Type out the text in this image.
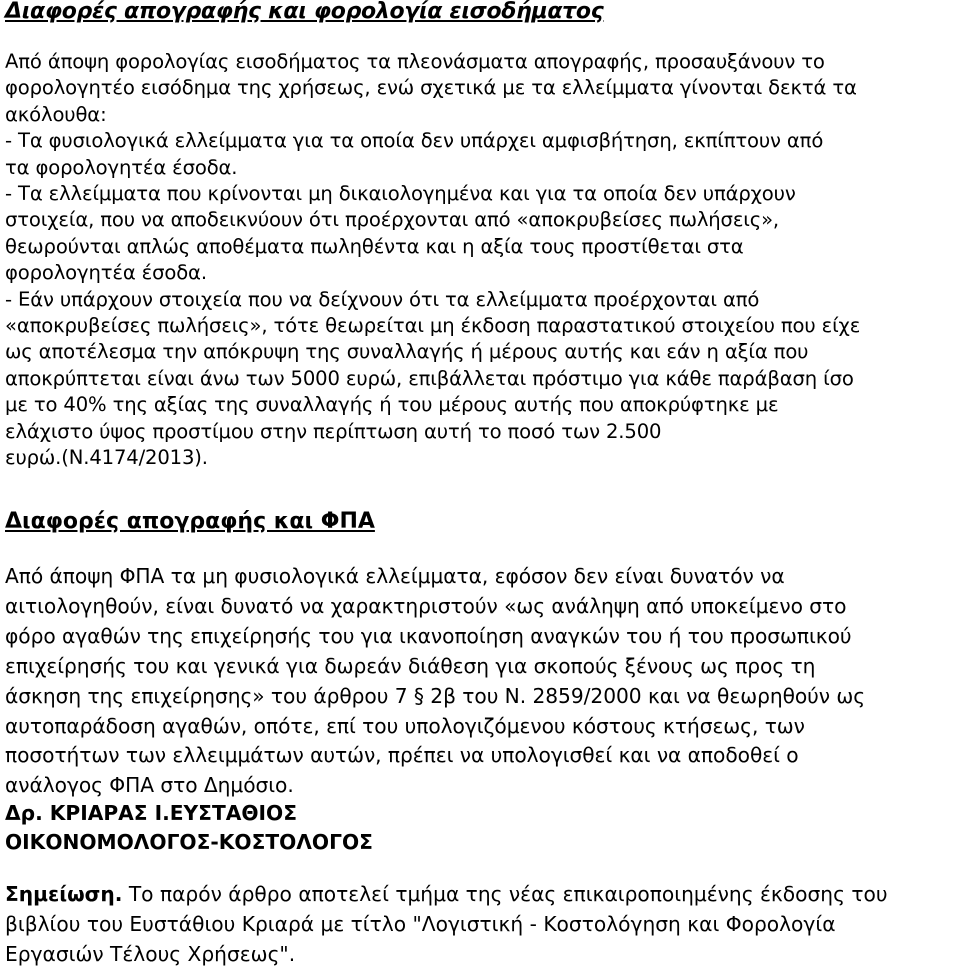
Διαφορές απογραφής και φορολογία εισοδήματος
Από άποψη φορολογίας εισοδήματος τα πλεονάσματα απογραφής, προσαυξάνουν το
φορολογητέο εισόδημα της χρήσεως, ενώ σχετικά με τα ελλείμματα γίνονται δεκτά τα
ακόλουθα:
- Τα φυσιολογικά ελλείμματα για τα οποία δεν υπάρχει αμφισβήτηση, εκπίπτουν από
τα φορολογητέα έσοδα.
- Τα ελλείμματα που κρίνονται μη δικαιολογημένα και για τα οποία δεν υπάρχουν
στοιχεία, που να αποδεικνύουν ότι προέρχονται από «αποκρυβείσες πωλήσεις»,
θεωρούνται απλώς αποθέματα πωληθέντα και η αξία τους προστίθεται στα
φορολογητέα έσοδα.
- Εάν υπάρχουν στοιχεία που να δείχνουν ότι τα ελλείμματα προέρχονται από
«αποκρυβείσες πωλήσεις», τότε θεωρείται μη έκδοση παραστατικού στοιχείου που είχε
ως αποτέλεσμα την απόκρυψη της συναλλαγής ή μέρους αυτής και εάν η αξία που
αποκρύπτεται είναι άνω των 5000 ευρώ, επιβάλλεται πρόστιμο για κάθε παράβαση ίσο
με το 40% της αξίας της συναλλαγής ή του μέρους αυτής που αποκρύφτηκε με
ελάχιστο ύψος προστίμου στην περίπτωση αυτή το ποσό των 2.500
ευρώ.(Ν.4174/2013).
Διαφορές απογραφής και ΦΠΑ
Από άποψη ΦΠΑ τα μη φυσιολογικά ελλείμματα, εφόσον δεν είναι δυνατόν να
αιτιολογηθούν, είναι δυνατό να χαρακτηριστούν «ως ανάληψη από υποκείμενο στο
φόρο αγαθών της επιχείρησής του για ικανοποίηση αναγκών του ή του προσωπικού
επιχείρησής του και γενικά για δωρεάν διάθεση για σκοπούς ξένους ως προς τη
άσκηση της επιχείρησης» του άρθρου 7 § 2β του Ν. 2859/2000 και να θεωρηθούν ως
αυτοπαράδοση αγαθών, οπότε, επί του υπολογιζόμενου κόστους κτήσεως, των
ποσοτήτων των ελλειμμάτων αυτών, πρέπει να υπολογισθεί και να αποδοθεί ο
ανάλογος ΦΠΑ στο Δημόσιο.
Δρ. ΚΡΙΑΡΑΣ Ι.ΕΥΣΤΑΘΙΟΣ
ΟΙΚΟΝΟΜΟΛΟΓΟΣ-ΚΟΣΤΟΛΟΓΟΣ
Σημείωση. Το παρόν άρθρο αποτελεί τμήμα της νέας επικαιροποιημένης έκδοσης του
βιβλίου του Ευστάθιου Κριαρά με τίτλο "Λογιστική - Κοστολόγηση και Φορολογία
Εργασιών Τέλους Χρήσεως".
